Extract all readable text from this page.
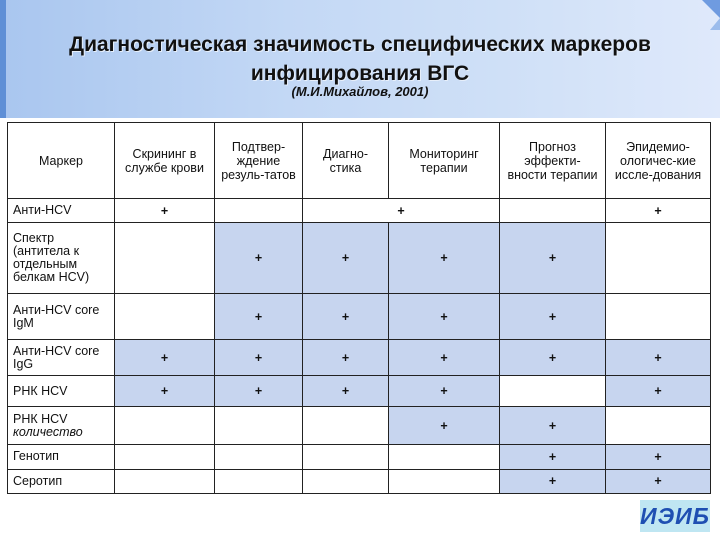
Диагностическая значимость специфических маркеров
инфицирования ВГС
(М.И.Михайлов, 2001)
Маркер	Скрининг в службе крови	Подтвер-ждение резуль-татов	Диагно-стика	Мониторинг терапии	Прогноз эффекти-вности терапии	Эпидемио-ологичес-кие иссле-дования
Анти-HCV	+		+			+
Спектр (антитела к отдельным белкам HCV)		+	+	+	+	
Анти-HCV core IgM		+	+	+	+	
Анти-HCV core IgG	+	+	+	+	+	+
РНК HCV	+	+	+	+		+
РНК HCV
количество				+	+	
Генотип					+	+
Серотип					+	+
ИЭИБ
